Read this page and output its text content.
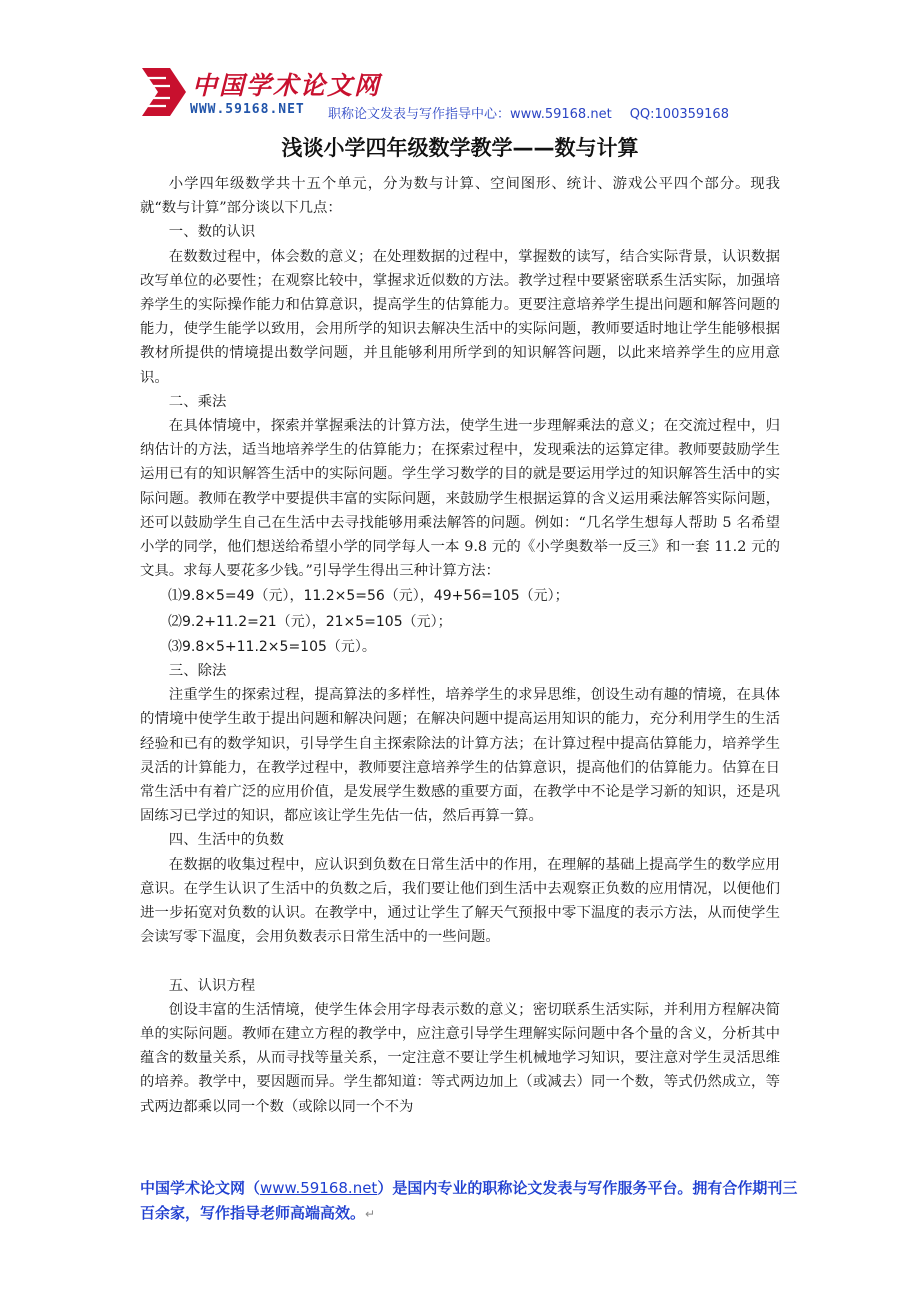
中国学术论文网
WWW.59168.NET 职称论文发表与写作指导中心：www.59168.net QQ:100359168
浅谈小学四年级数学教学——数与计算

小学四年级数学共十五个单元，分为数与计算、空间图形、统计、游戏公平四个部分。现我就“数与计算”部分谈以下几点：

一、数的认识

在数数过程中，体会数的意义；在处理数据的过程中，掌握数的读写，结合实际背景，认识数据改写单位的必要性；在观察比较中，掌握求近似数的方法。教学过程中要紧密联系生活实际，加强培养学生的实际操作能力和估算意识，提高学生的估算能力。更要注意培养学生提出问题和解答问题的能力，使学生能学以致用，会用所学的知识去解决生活中的实际问题，教师要适时地让学生能够根据教材所提供的情境提出数学问题，并且能够利用所学到的知识解答问题，以此来培养学生的应用意识。

二、乘法

在具体情境中，探索并掌握乘法的计算方法，使学生进一步理解乘法的意义；在交流过程中，归纳估计的方法，适当地培养学生的估算能力；在探索过程中，发现乘法的运算定律。教师要鼓励学生运用已有的知识解答生活中的实际问题。学生学习数学的目的就是要运用学过的知识解答生活中的实际问题。教师在教学中要提供丰富的实际问题，来鼓励学生根据运算的含义运用乘法解答实际问题，还可以鼓励学生自己在生活中去寻找能够用乘法解答的问题。例如：“几名学生想每人帮助 5 名希望小学的同学，他们想送给希望小学的同学每人一本 9.8 元的《小学奥数举一反三》和一套 11.2 元的文具。求每人要花多少钱。”引导学生得出三种计算方法：

⑴9.8×5=49（元），11.2×5=56（元），49+56=105（元）；

⑵9.2+11.2=21（元），21×5=105（元）；

⑶9.8×5+11.2×5=105（元）。

三、除法

注重学生的探索过程，提高算法的多样性，培养学生的求异思维，创设生动有趣的情境，在具体的情境中使学生敢于提出问题和解决问题；在解决问题中提高运用知识的能力，充分利用学生的生活经验和已有的数学知识，引导学生自主探索除法的计算方法；在计算过程中提高估算能力，培养学生灵活的计算能力，在教学过程中，教师要注意培养学生的估算意识，提高他们的估算能力。估算在日常生活中有着广泛的应用价值，是发展学生数感的重要方面，在教学中不论是学习新的知识，还是巩固练习已学过的知识，都应该让学生先估一估，然后再算一算。

四、生活中的负数

在数据的收集过程中，应认识到负数在日常生活中的作用，在理解的基础上提高学生的数学应用意识。在学生认识了生活中的负数之后，我们要让他们到生活中去观察正负数的应用情况，以便他们进一步拓宽对负数的认识。在教学中，通过让学生了解天气预报中零下温度的表示方法，从而使学生会读写零下温度，会用负数表示日常生活中的一些问题。

五、认识方程

创设丰富的生活情境，使学生体会用字母表示数的意义；密切联系生活实际，并利用方程解决简单的实际问题。教师在建立方程的教学中，应注意引导学生理解实际问题中各个量的含义，分析其中蕴含的数量关系，从而寻找等量关系，一定注意不要让学生机械地学习知识，要注意对学生灵活思维的培养。教学中，要因题而异。学生都知道：等式两边加上（或减去）同一个数，等式仍然成立，等式两边都乘以同一个数（或除以同一个不为

中国学术论文网（www.59168.net）是国内专业的职称论文发表与写作服务平台。拥有合作期刊三百余家，写作指导老师高端高效。↵
